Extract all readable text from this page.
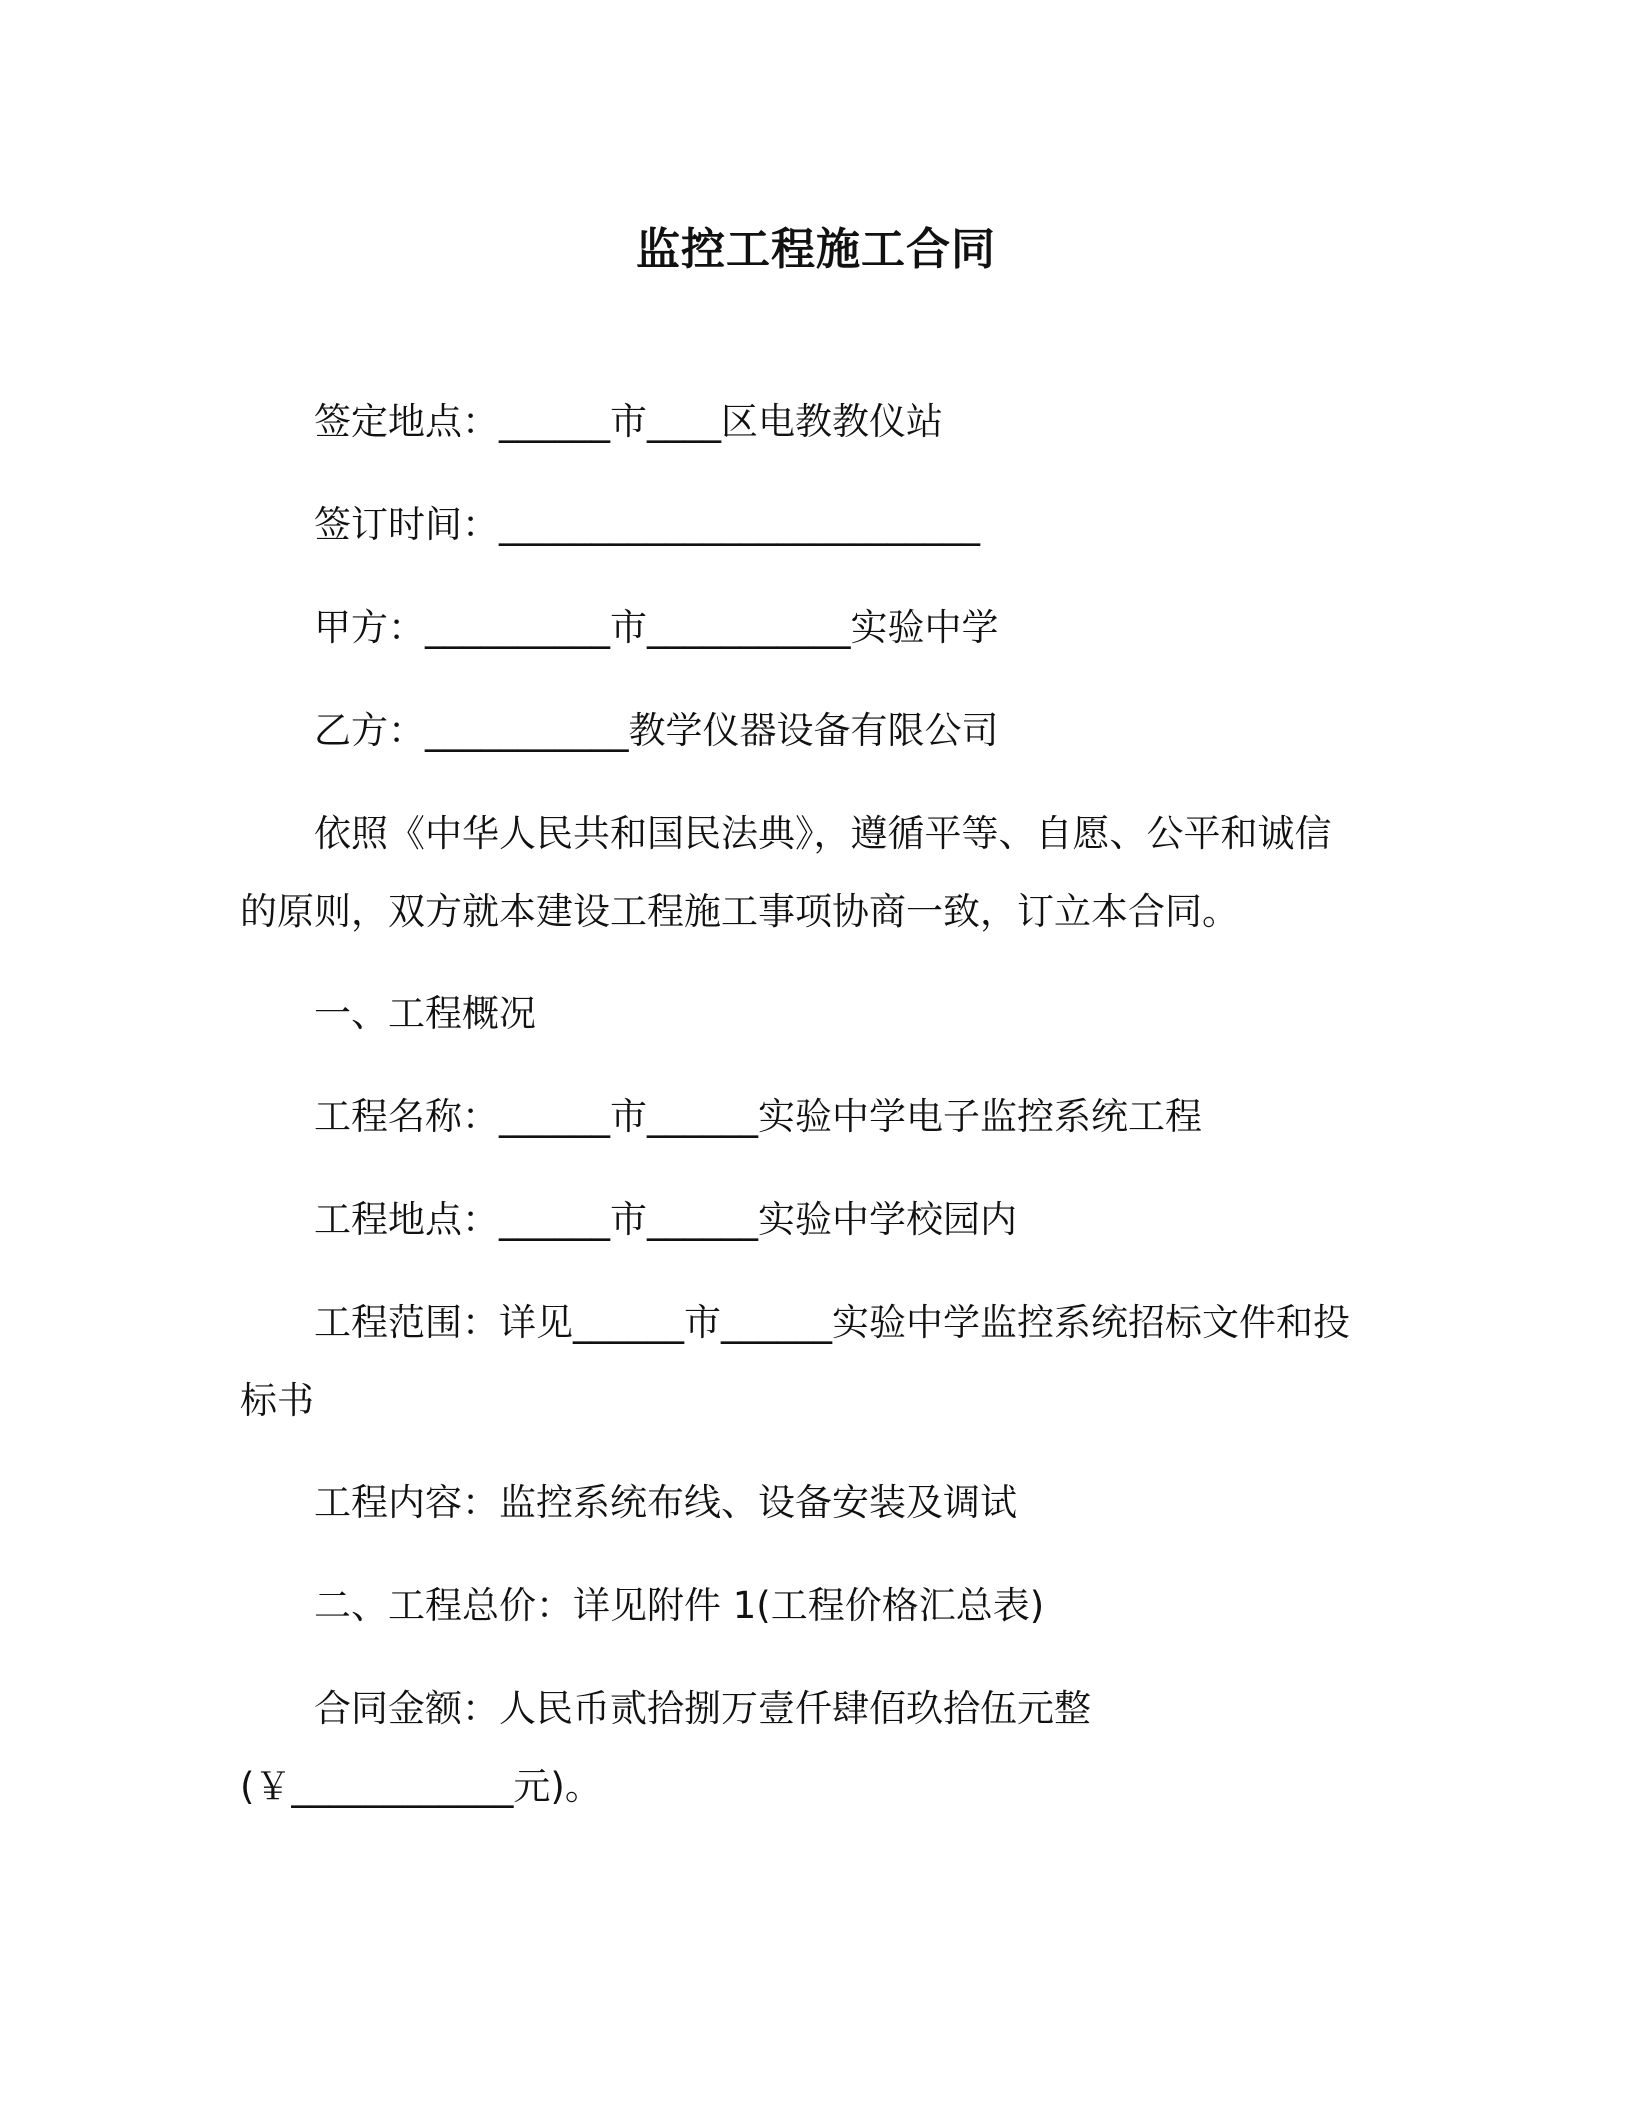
监控工程施工合同
签定地点：______市____区电教教仪站
签订时间：__________________________
甲方：__________市___________实验中学
乙方：___________教学仪器设备有限公司
依照《中华人民共和国民法典》，遵循平等、自愿、公平和诚信
的原则，双方就本建设工程施工事项协商一致，订立本合同。
一、工程概况
工程名称：______市______实验中学电子监控系统工程
工程地点：______市______实验中学校园内
工程范围：详见______市______实验中学监控系统招标文件和投
标书
工程内容：监控系统布线、设备安装及调试
二、工程总价：详见附件 1(工程价格汇总表)
合同金额：人民币贰拾捌万壹仟肆佰玖拾伍元整
(￥____________元)。
